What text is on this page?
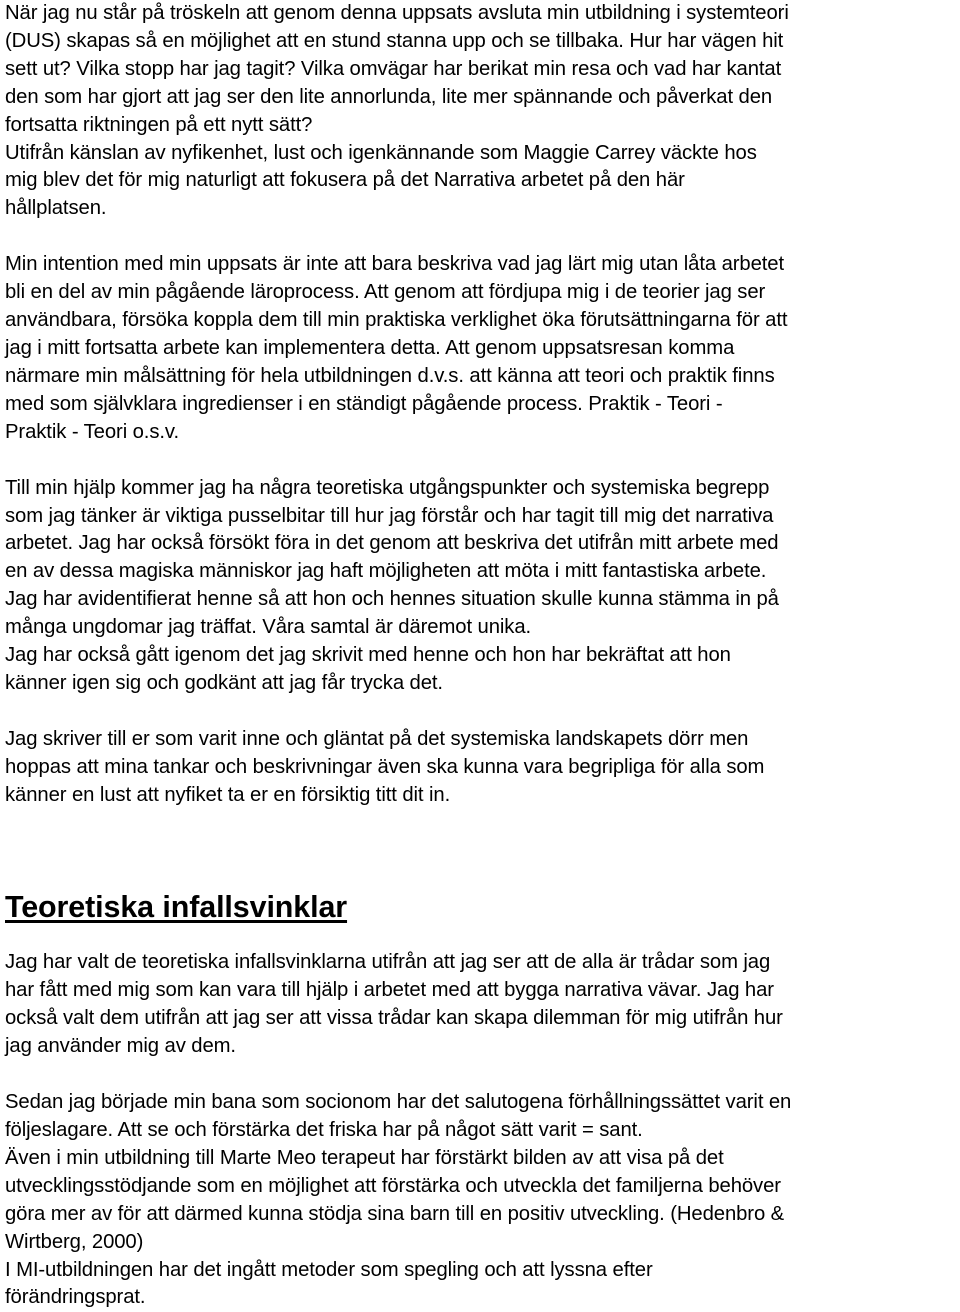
När jag nu står på tröskeln att genom denna uppsats avsluta min utbildning i systemteori
(DUS) skapas så en möjlighet att en stund stanna upp och se tillbaka. Hur har vägen hit
sett ut? Vilka stopp har jag tagit? Vilka omvägar har berikat min resa och vad har kantat
den som har gjort att jag ser den lite annorlunda, lite mer spännande och påverkat den
fortsatta riktningen på ett nytt sätt?
Utifrån känslan av nyfikenhet, lust och igenkännande som Maggie Carrey väckte hos
mig blev det för mig naturligt att fokusera på det Narrativa arbetet på den här
hållplatsen.

Min intention med min uppsats är inte att bara beskriva vad jag lärt mig utan låta arbetet
bli en del av min pågående läroprocess. Att genom att fördjupa mig i de teorier jag ser
användbara, försöka koppla dem till min praktiska verklighet öka förutsättningarna för att
jag i mitt fortsatta arbete kan implementera detta. Att genom uppsatsresan komma
närmare min målsättning för hela utbildningen d.v.s. att känna att teori och praktik finns
med som självklara ingredienser i en ständigt pågående process. Praktik - Teori -
Praktik - Teori o.s.v.

Till min hjälp kommer jag ha några teoretiska utgångspunkter och systemiska begrepp
som jag tänker är viktiga pusselbitar till hur jag förstår och har tagit till mig det narrativa
arbetet. Jag har också försökt föra in det genom att beskriva det utifrån mitt arbete med
en av dessa magiska människor jag haft möjligheten att möta i mitt fantastiska arbete.
Jag har avidentifierat henne så att hon och hennes situation skulle kunna stämma in på
många ungdomar jag träffat. Våra samtal är däremot unika.
Jag har också gått igenom det jag skrivit med henne och hon har bekräftat att hon
känner igen sig och godkänt att jag får trycka det.

Jag skriver till er som varit inne och gläntat på det systemiska landskapets dörr men
hoppas att mina tankar och beskrivningar även ska kunna vara begripliga för alla som
känner en lust att nyfiket ta er en försiktig titt dit in.

Teoretiska infallsvinklar

Jag har valt de teoretiska infallsvinklarna utifrån att jag ser att de alla är trådar som jag
har fått med mig som kan vara till hjälp i arbetet med att bygga narrativa vävar. Jag har
också valt dem utifrån att jag ser att vissa trådar kan skapa dilemman för mig utifrån hur
jag använder mig av dem.

Sedan jag började min bana som socionom har det salutogena förhållningssättet varit en
följeslagare. Att se och förstärka det friska har på något sätt varit = sant.
Även i min utbildning till Marte Meo terapeut har förstärkt bilden av att visa på det
utvecklingsstödjande som en möjlighet att förstärka och utveckla det familjerna behöver
göra mer av för att därmed kunna stödja sina barn till en positiv utveckling. (Hedenbro &
Wirtberg, 2000)
I MI-utbildningen har det ingått metoder som spegling och att lyssna efter
förändringsprat.
